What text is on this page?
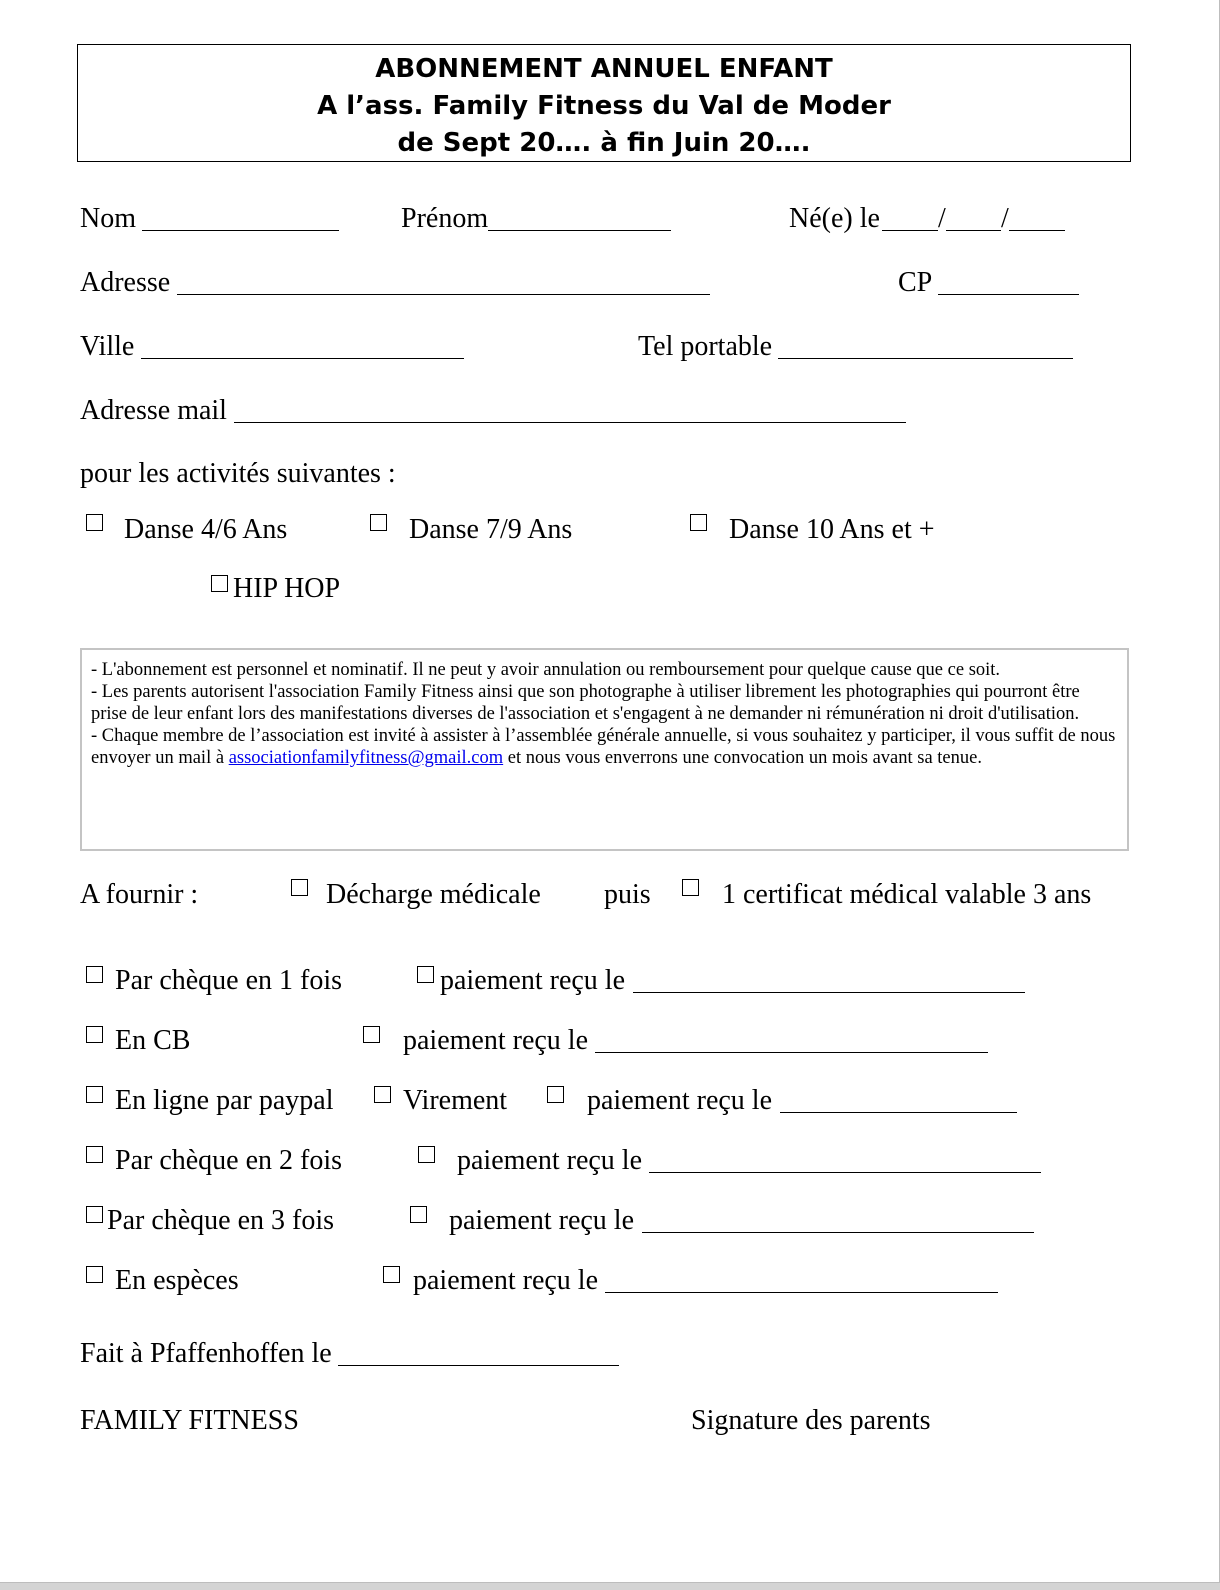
ABONNEMENT ANNUEL ENFANT
A l’ass. Family Fitness du Val de Moder
de Sept 20…. à fin Juin 20….
Nom	Prénom	Né(e) le / /
Adresse	CP
Ville	Tel portable
Adresse mail
pour les activités suivantes :
Danse 4/6 Ans	Danse 7/9 Ans	Danse 10 Ans et +
HIP HOP
- L'abonnement est personnel et nominatif. Il ne peut y avoir annulation ou remboursement pour quelque cause que ce soit.
- Les parents autorisent l'association Family Fitness ainsi que son photographe à utiliser librement les photographies qui pourront être prise de leur enfant lors des manifestations diverses de l'association et s'engagent à ne demander ni rémunération ni droit d'utilisation.
- Chaque membre de l’association est invité à assister à l’assemblée générale annuelle, si vous souhaitez y participer, il vous suffit de nous envoyer un mail à associationfamilyfitness@gmail.com et nous vous enverrons une convocation un mois avant sa tenue.
A fournir :	Décharge médicale puis	1 certificat médical valable 3 ans
Par chèque en 1 fois	paiement reçu le
En CB	paiement reçu le
En ligne par paypal Virement	paiement reçu le
Par chèque en 2 fois	paiement reçu le
Par chèque en 3 fois	paiement reçu le
En espèces	paiement reçu le
Fait à Pfaffenhoffen le
FAMILY FITNESS	Signature des parents
